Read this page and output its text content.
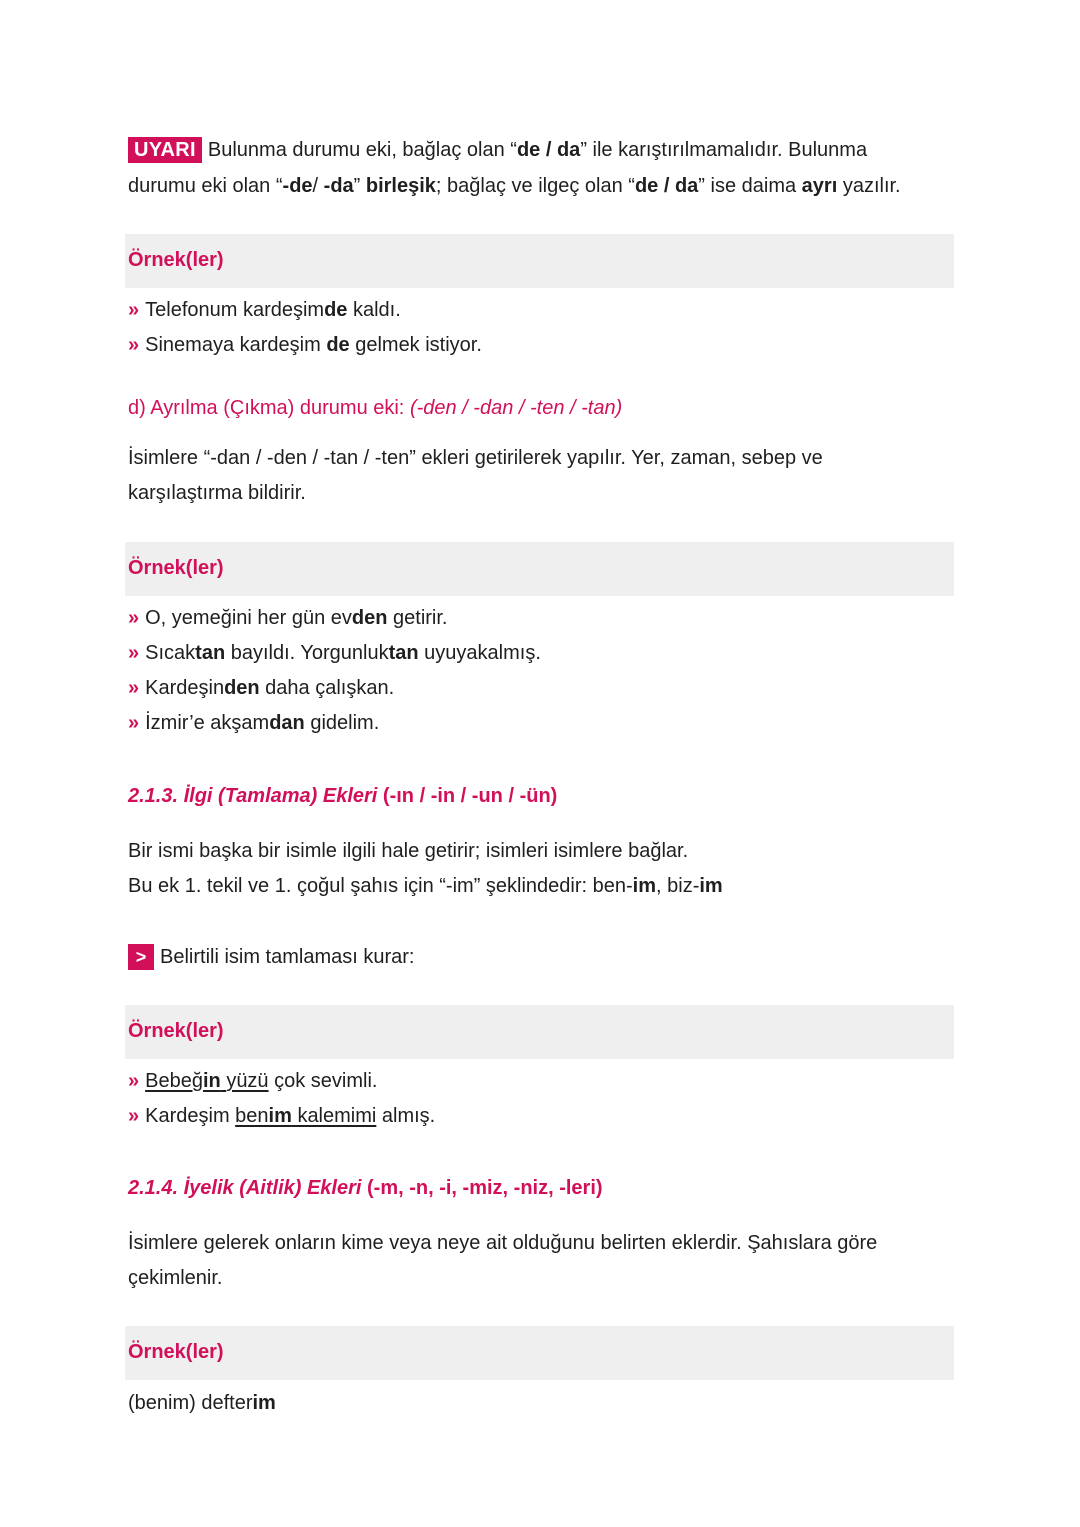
UYARI Bulunma durumu eki, bağlaç olan “de / da” ile karıştırılmamalıdır. Bulunma
durumu eki olan “-de/ -da” birleşik; bağlaç ve ilgeç olan “de / da” ise daima ayrı yazılır.
Örnek(ler)
» Telefonum kardeşimde kaldı.
» Sinemaya kardeşim de gelmek istiyor.
d) Ayrılma (Çıkma) durumu eki: (-den / -dan / -ten / -tan)
İsimlere “-dan / -den / -tan / -ten” ekleri getirilerek yapılır. Yer, zaman, sebep ve
karşılaştırma bildirir.
Örnek(ler)
» O, yemeğini her gün evden getirir.
» Sıcaktan bayıldı. Yorgunluktan uyuyakalmış.
» Kardeşinden daha çalışkan.
» İzmir’e akşamdan gidelim.
2.1.3. İlgi (Tamlama) Ekleri (-ın / -in / -un / -ün)
Bir ismi başka bir isimle ilgili hale getirir; isimleri isimlere bağlar.
Bu ek 1. tekil ve 1. çoğul şahıs için “-im” şeklindedir: ben-im, biz-im
> Belirtili isim tamlaması kurar:
Örnek(ler)
» Bebeğin yüzü çok sevimli.
» Kardeşim benim kalemimi almış.
2.1.4. İyelik (Aitlik) Ekleri (-m, -n, -i, -miz, -niz, -leri)
İsimlere gelerek onların kime veya neye ait olduğunu belirten eklerdir. Şahıslara göre
çekimlenir.
Örnek(ler)
(benim) defterim
